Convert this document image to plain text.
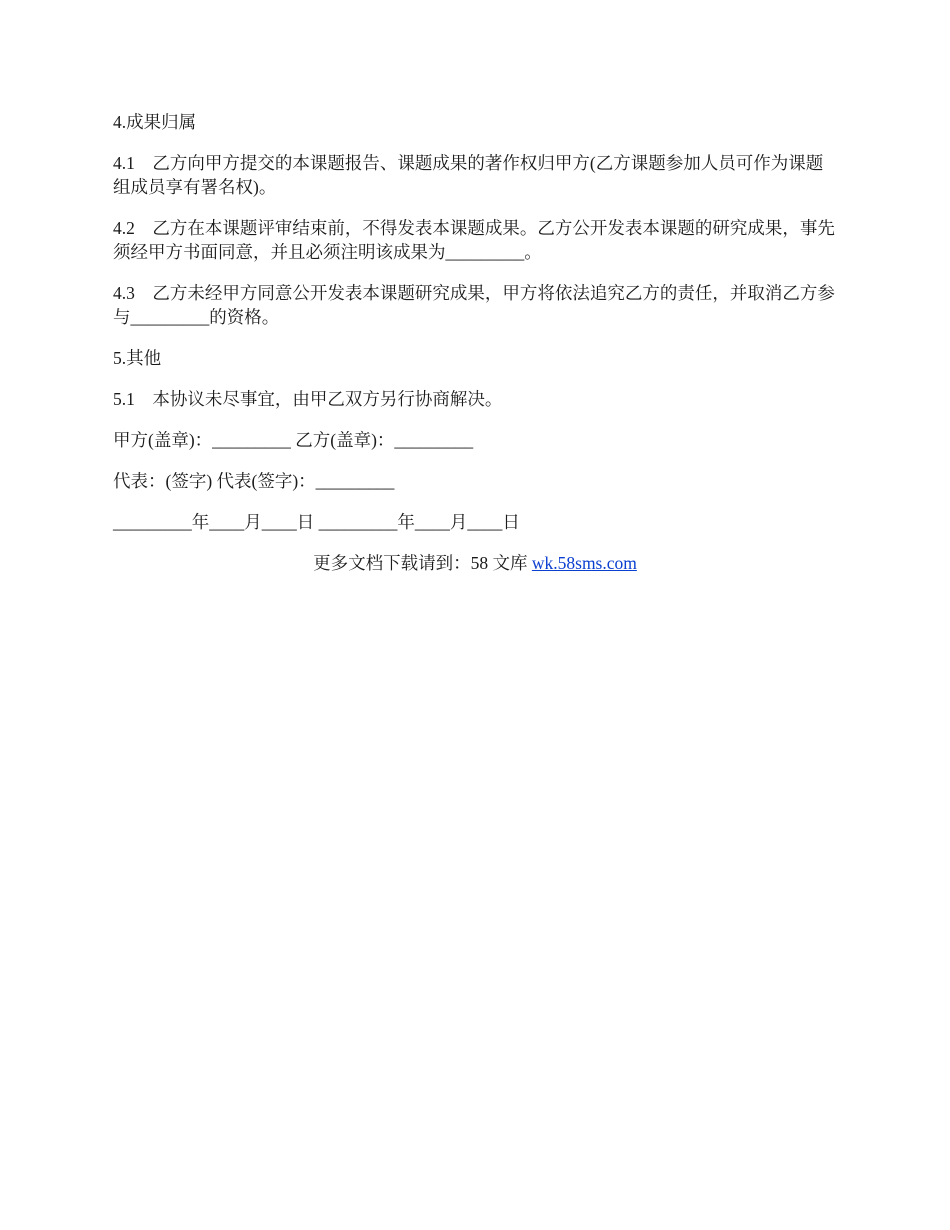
4.成果归属

4.1　乙方向甲方提交的本课题报告、课题成果的著作权归甲方(乙方课题参加人员可作为课题组成员享有署名权)。

4.2　乙方在本课题评审结束前，不得发表本课题成果。乙方公开发表本课题的研究成果，事先须经甲方书面同意，并且必须注明该成果为_________。

4.3　乙方未经甲方同意公开发表本课题研究成果，甲方将依法追究乙方的责任，并取消乙方参与_________的资格。

5.其他

5.1　本协议未尽事宜，由甲乙双方另行协商解决。

甲方(盖章)：_________ 乙方(盖章)：_________

代表：(签字) 代表(签字)：_________

_________年____月____日 _________年____月____日

更多文档下载请到：58 文库 wk.58sms.com
